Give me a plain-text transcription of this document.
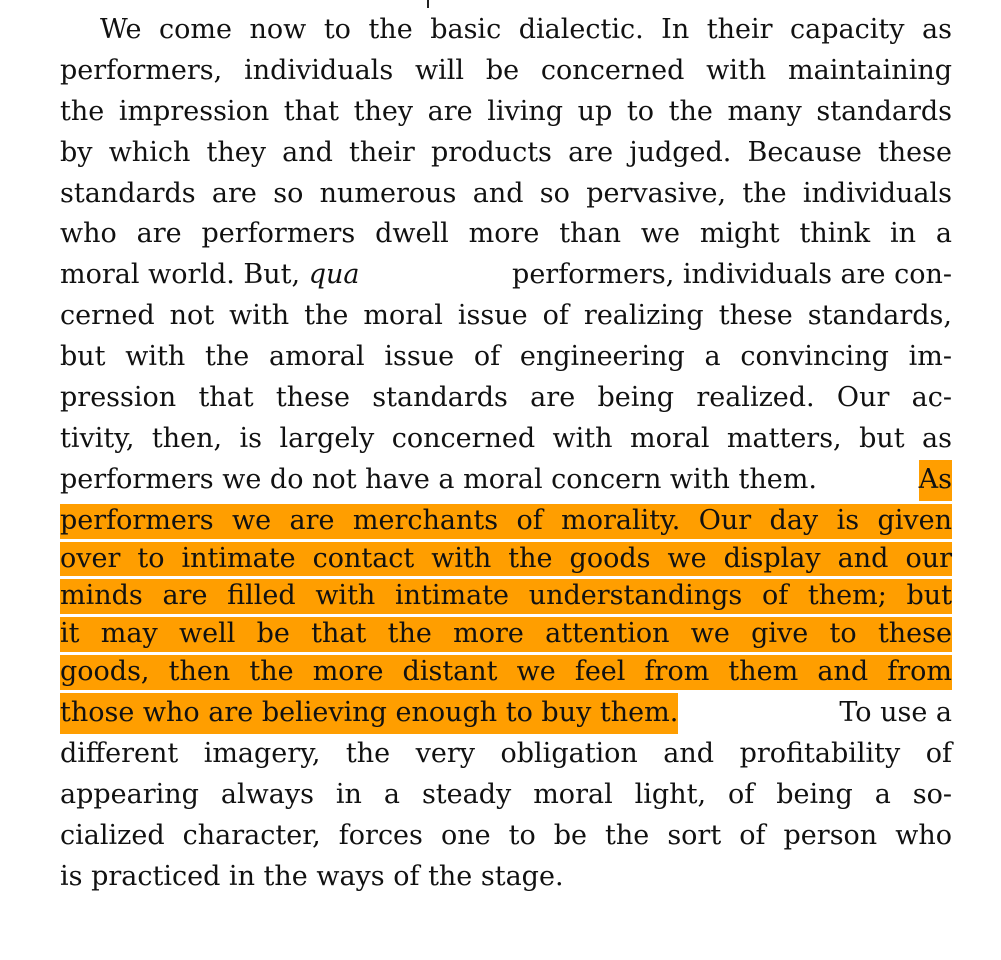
We come now to the basic dialectic. In their capacity as
performers, individuals will be concerned with maintaining
the impression that they are living up to the many standards
by which they and their products are judged. Because these
standards are so numerous and so pervasive, the individuals
who are performers dwell more than we might think in a
moral world. But, qua	performers, individuals are con-
cerned not with the moral issue of realizing these standards,
but with the amoral issue of engineering a convincing im-
pression that these standards are being realized. Our ac-
tivity, then, is largely concerned with moral matters, but as
performers we do not have a moral concern with them.	As
performers we are merchants of morality. Our day is given
over to intimate contact with the goods we display and our
minds are filled with intimate understandings of them; but
it may well be that the more attention we give to these
goods, then the more distant we feel from them and from
those who are believing enough to buy them.	To use a
different imagery, the very obligation and profitability of
appearing always in a steady moral light, of being a so-
cialized character, forces one to be the sort of person who
is practiced in the ways of the stage.
